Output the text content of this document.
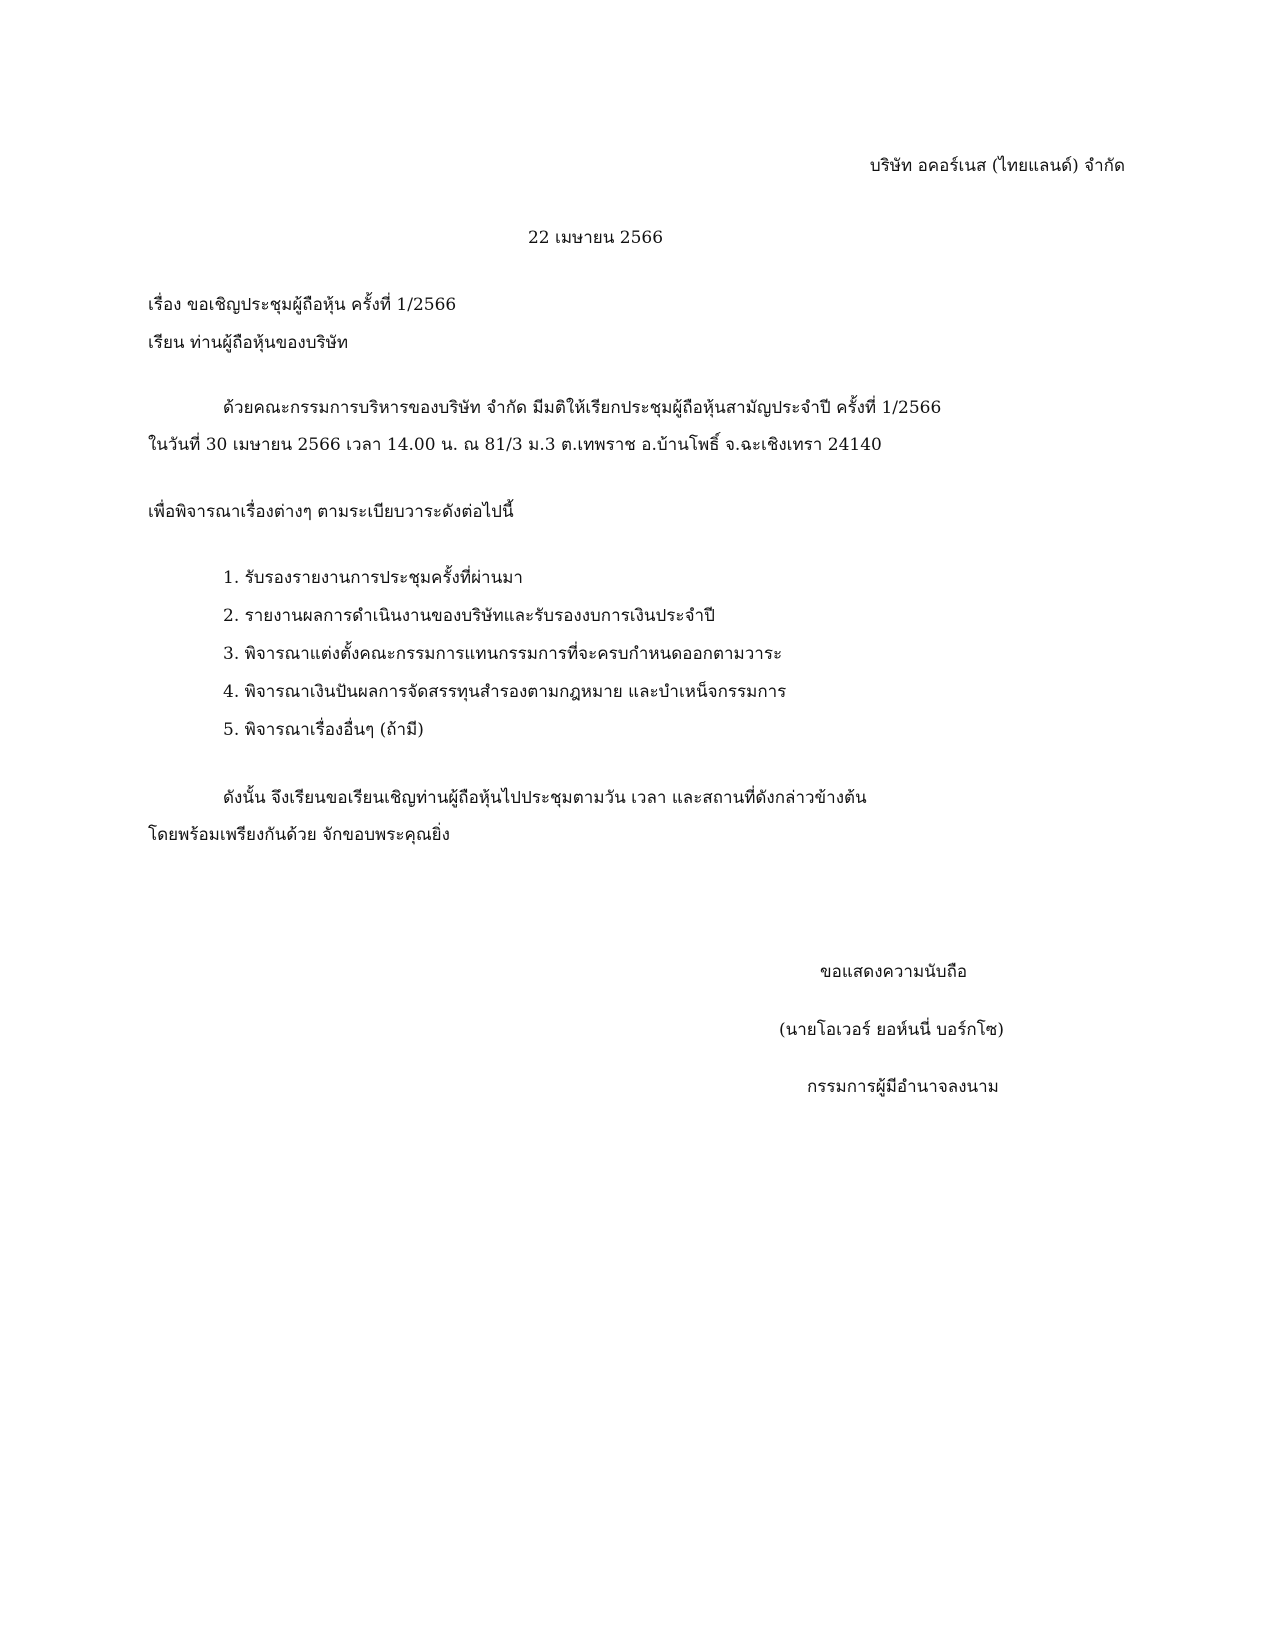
บริษัท อคอร์เนส (ไทยแลนด์) จำกัด
22 เมษายน 2566
เรื่อง ขอเชิญประชุมผู้ถือหุ้น ครั้งที่ 1/2566
เรียน ท่านผู้ถือหุ้นของบริษัท
ด้วยคณะกรรมการบริหารของบริษัท จำกัด มีมติให้เรียกประชุมผู้ถือหุ้นสามัญประจำปี ครั้งที่ 1/2566
ในวันที่ 30 เมษายน 2566 เวลา 14.00 น. ณ 81/3 ม.3 ต.เทพราช อ.บ้านโพธิ์ จ.ฉะเชิงเทรา 24140
เพื่อพิจารณาเรื่องต่างๆ ตามระเบียบวาระดังต่อไปนี้
1. รับรองรายงานการประชุมครั้งที่ผ่านมา
2. รายงานผลการดำเนินงานของบริษัทและรับรองงบการเงินประจำปี
3. พิจารณาแต่งตั้งคณะกรรมการแทนกรรมการที่จะครบกำหนดออกตามวาระ
4. พิจารณาเงินปันผลการจัดสรรทุนสำรองตามกฎหมาย และบำเหน็จกรรมการ
5. พิจารณาเรื่องอื่นๆ (ถ้ามี)
ดังนั้น จึงเรียนขอเรียนเชิญท่านผู้ถือหุ้นไปประชุมตามวัน เวลา และสถานที่ดังกล่าวข้างต้น
โดยพร้อมเพรียงกันด้วย จักขอบพระคุณยิ่ง
ขอแสดงความนับถือ
(นายโอเวอร์ ยอห์นนี่ บอร์กโซ)
กรรมการผู้มีอำนาจลงนาม
